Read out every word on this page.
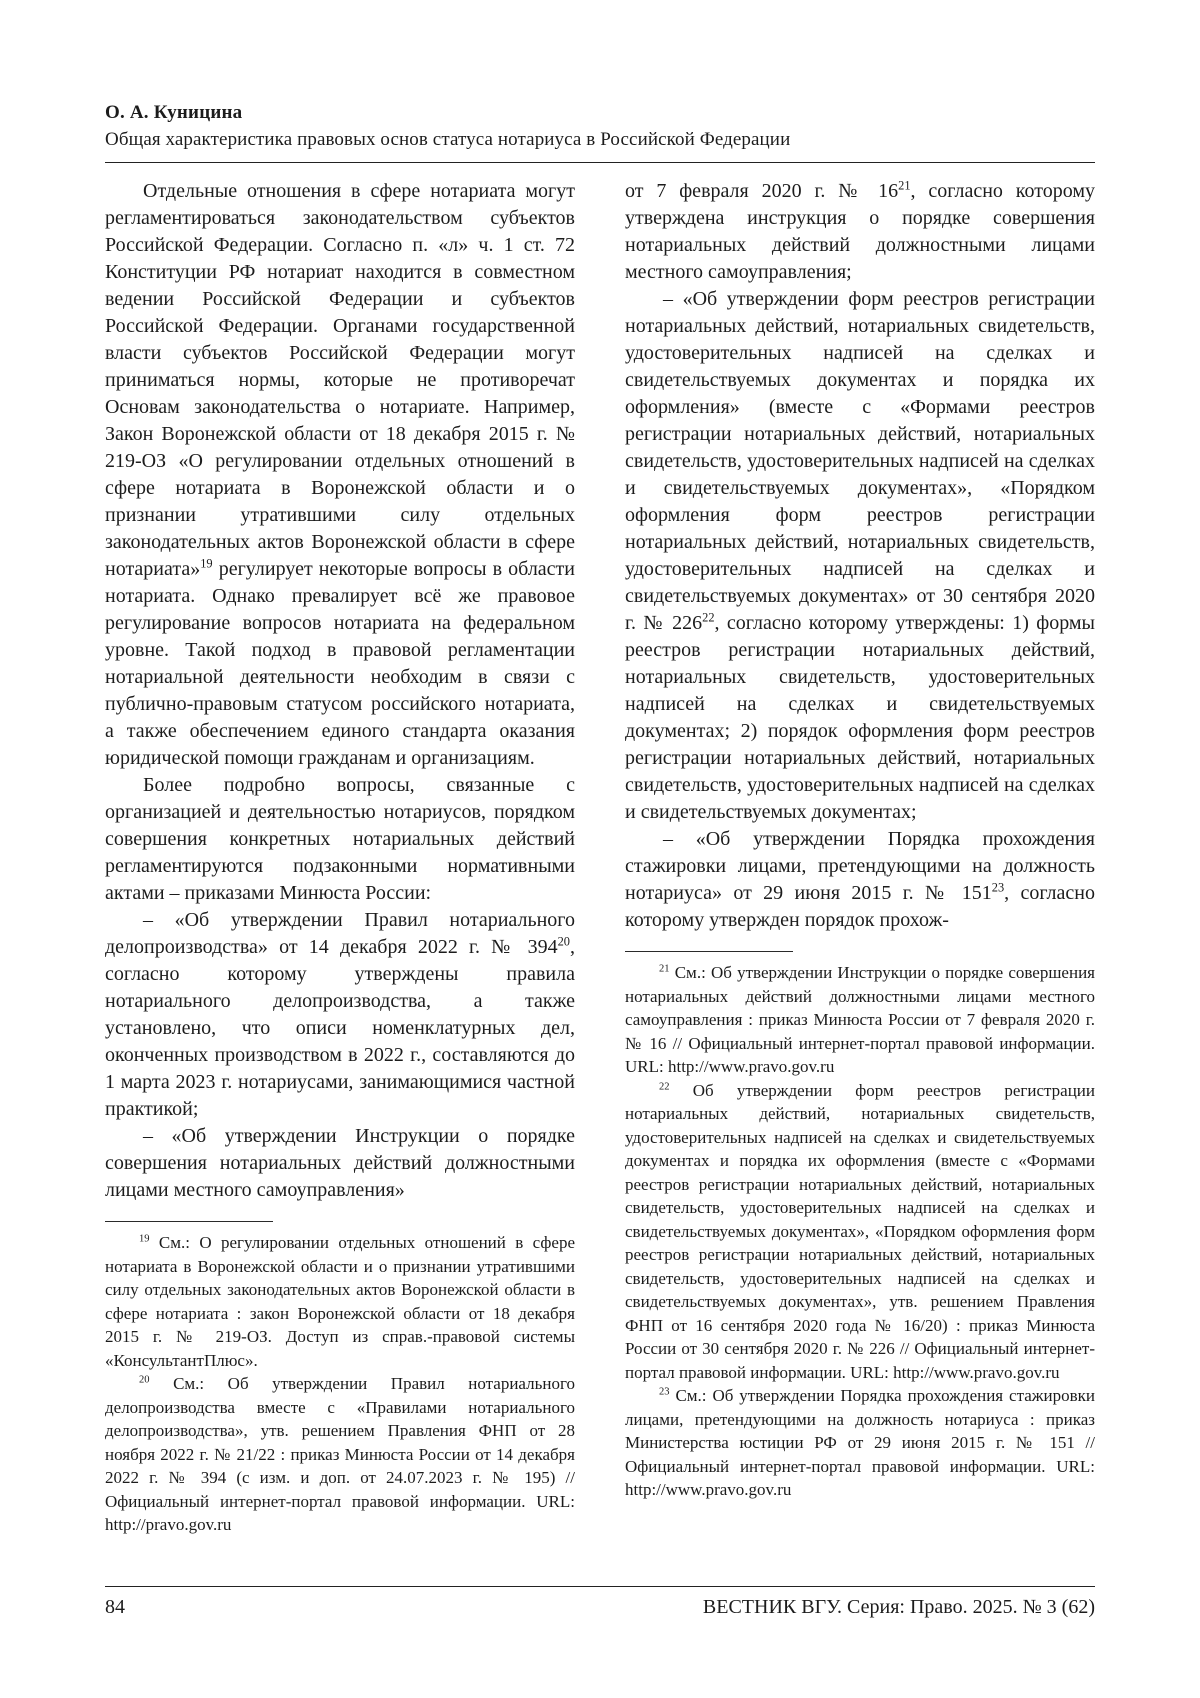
О. А. Куницина
Общая характеристика правовых основ статуса нотариуса в Российской Федерации

Отдельные отношения в сфере нотариата могут регламентироваться законодательством субъектов Российской Федерации. Согласно п. «л» ч. 1 ст. 72 Конституции РФ нотариат находится в совместном ведении Российской Федерации и субъектов Российской Федерации. Органами государственной власти субъектов Российской Федерации могут приниматься нормы, которые не противоречат Основам законодательства о нотариате. Например, Закон Воронежской области от 18 декабря 2015 г. № 219-ОЗ «О регулировании отдельных отношений в сфере нотариата в Воронежской области и о признании утратившими силу отдельных законодательных актов Воронежской области в сфере нотариата»$^{19}$ регулирует некоторые вопросы в области нотариата. Однако превалирует всё же правовое регулирование вопросов нотариата на федеральном уровне. Такой подход в правовой регламентации нотариальной деятельности необходим в связи с публично-правовым статусом российского нотариата, а также обеспечением единого стандарта оказания юридической помощи гражданам и организациям.

Более подробно вопросы, связанные с организацией и деятельностью нотариусов, порядком совершения конкретных нотариальных действий регламентируются подзаконными нормативными актами – приказами Минюста России:

– «Об утверждении Правил нотариального делопроизводства» от 14 декабря 2022 г. № $394^{20}$, согласно которому утверждены правила нотариального делопроизводства, а также установлено, что описи номенклатурных дел, оконченных производством в 2022 г., составляются до 1 марта 2023 г. нотариусами, занимающимися частной практикой;

– «Об утверждении Инструкции о порядке совершения нотариальных действий должностными лицами местного самоуправления»

$^{19}$ См.: О регулировании отдельных отношений в сфере нотариата в Воронежской области и о признании утратившими силу отдельных законодательных актов Воронежской области в сфере нотариата : закон Воронежской области от 18 декабря 2015 г. № 219-ОЗ. Доступ из справ.-правовой системы «КонсультантПлюс».

$^{20}$ См.: Об утверждении Правил нотариального делопроизводства вместе с «Правилами нотариального делопроизводства», утв. решением Правления ФНП от 28 ноября 2022 г. № 21/22 : приказ Минюста России от 14 декабря 2022 г. № 394 (с изм. и доп. от 24.07.2023 г. № 195) // Официальный интернет-портал правовой информации. URL: http://pravo.gov.ru

от 7 февраля 2020 г. № $16^{21}$, согласно которому утверждена инструкция о порядке совершения нотариальных действий должностными лицами местного самоуправления;

– «Об утверждении форм реестров регистрации нотариальных действий, нотариальных свидетельств, удостоверительных надписей на сделках и свидетельствуемых документах и порядка их оформления» (вместе с «Формами реестров регистрации нотариальных действий, нотариальных свидетельств, удостоверительных надписей на сделках и свидетельствуемых документах», «Порядком оформления форм реестров регистрации нотариальных действий, нотариальных свидетельств, удостоверительных надписей на сделках и свидетельствуемых документах» от 30 сентября 2020 г. № $226^{22}$, согласно которому утверждены: 1) формы реестров регистрации нотариальных действий, нотариальных свидетельств, удостоверительных надписей на сделках и свидетельствуемых документах; 2) порядок оформления форм реестров регистрации нотариальных действий, нотариальных свидетельств, удостоверительных надписей на сделках и свидетельствуемых документах;

– «Об утверждении Порядка прохождения стажировки лицами, претендующими на должность нотариуса» от 29 июня 2015 г. № $151^{23}$, согласно которому утвержден порядок прохож-

$^{21}$ См.: Об утверждении Инструкции о порядке совершения нотариальных действий должностными лицами местного самоуправления : приказ Минюста России от 7 февраля 2020 г. № 16 // Официальный интернет-портал правовой информации. URL: http://www.pravo.gov.ru

$^{22}$ Об утверждении форм реестров регистрации нотариальных действий, нотариальных свидетельств, удостоверительных надписей на сделках и свидетельствуемых документах и порядка их оформления (вместе с «Формами реестров регистрации нотариальных действий, нотариальных свидетельств, удостоверительных надписей на сделках и свидетельствуемых документах», «Порядком оформления форм реестров регистрации нотариальных действий, нотариальных свидетельств, удостоверительных надписей на сделках и свидетельствуемых документах», утв. решением Правления ФНП от 16 сентября 2020 года № 16/20) : приказ Минюста России от 30 сентября 2020 г. № 226 // Официальный интернет-портал правовой информации. URL: http://www.pravo.gov.ru

$^{23}$ См.: Об утверждении Порядка прохождения стажировки лицами, претендующими на должность нотариуса : приказ Министерства юстиции РФ от 29 июня 2015 г. № 151 // Официальный интернет-портал правовой информации. URL: http://www.pravo.gov.ru

84	ВЕСТНИК ВГУ. Серия: Право. 2025. № 3 (62)
